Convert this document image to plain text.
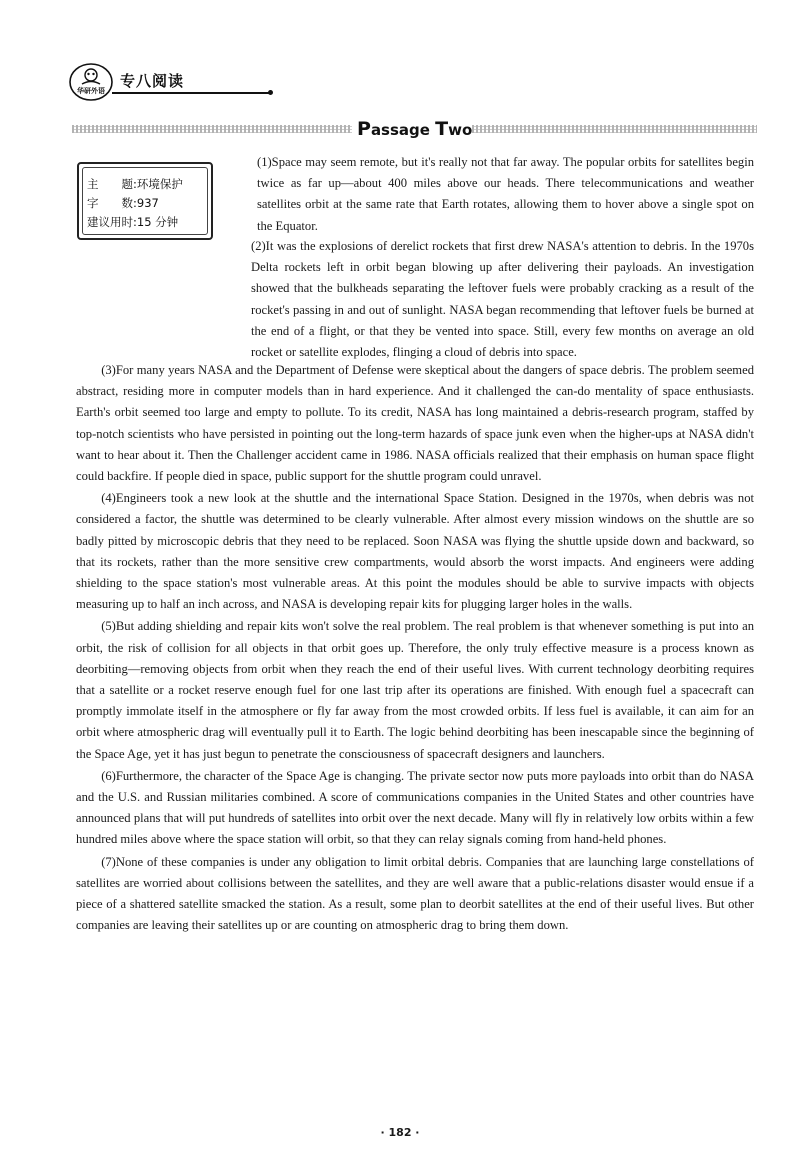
华研外语
专八阅读
Passage Two
主　　题:环境保护
字　　数:937
建议用时:15 分钟

(1)Space may seem remote, but it's really not that far away. The popular orbits for satellites begin twice as far up—about 400 miles above our heads. There telecommunications and weather satellites orbit at the same rate that Earth rotates, allowing them to hover above a single spot on the Equator.

(2)It was the explosions of derelict rockets that first drew NASA's attention to debris. In the 1970s Delta rockets left in orbit began blowing up after delivering their payloads. An investigation showed that the bulkheads separating the leftover fuels were probably cracking as a result of the rocket's passing in and out of sunlight. NASA began recommending that leftover fuels be burned at the end of a flight, or that they be vented into space. Still, every few months on average an old rocket or satellite explodes, flinging a cloud of debris into space.

(3)For many years NASA and the Department of Defense were skeptical about the dangers of space debris. The problem seemed abstract, residing more in computer models than in hard experience. And it challenged the can-do mentality of space enthusiasts. Earth's orbit seemed too large and empty to pollute. To its credit, NASA has long maintained a debris-research program, staffed by top-notch scientists who have persisted in pointing out the long-term hazards of space junk even when the higher-ups at NASA didn't want to hear about it. Then the Challenger accident came in 1986. NASA officials realized that their emphasis on human space flight could backfire. If people died in space, public support for the shuttle program could unravel.

(4)Engineers took a new look at the shuttle and the international Space Station. Designed in the 1970s, when debris was not considered a factor, the shuttle was determined to be clearly vulnerable. After almost every mission windows on the shuttle are so badly pitted by microscopic debris that they need to be replaced. Soon NASA was flying the shuttle upside down and backward, so that its rockets, rather than the more sensitive crew compartments, would absorb the worst impacts. And engineers were adding shielding to the space station's most vulnerable areas. At this point the modules should be able to survive impacts with objects measuring up to half an inch across, and NASA is developing repair kits for plugging larger holes in the walls.

(5)But adding shielding and repair kits won't solve the real problem. The real problem is that whenever something is put into an orbit, the risk of collision for all objects in that orbit goes up. Therefore, the only truly effective measure is a process known as deorbiting—removing objects from orbit when they reach the end of their useful lives. With current technology deorbiting requires that a satellite or a rocket reserve enough fuel for one last trip after its operations are finished. With enough fuel a spacecraft can promptly immolate itself in the atmosphere or fly far away from the most crowded orbits. If less fuel is available, it can aim for an orbit where atmospheric drag will eventually pull it to Earth. The logic behind deorbiting has been inescapable since the beginning of the Space Age, yet it has just begun to penetrate the consciousness of spacecraft designers and launchers.

(6)Furthermore, the character of the Space Age is changing. The private sector now puts more payloads into orbit than do NASA and the U.S. and Russian militaries combined. A score of communications companies in the United States and other countries have announced plans that will put hundreds of satellites into orbit over the next decade. Many will fly in relatively low orbits within a few hundred miles above where the space station will orbit, so that they can relay signals coming from hand-held phones.

(7)None of these companies is under any obligation to limit orbital debris. Companies that are launching large constellations of satellites are worried about collisions between the satellites, and they are well aware that a public-relations disaster would ensue if a piece of a shattered satellite smacked the station. As a result, some plan to deorbit satellites at the end of their useful lives. But other companies are leaving their satellites up or are counting on atmospheric drag to bring them down.

· 182 ·
